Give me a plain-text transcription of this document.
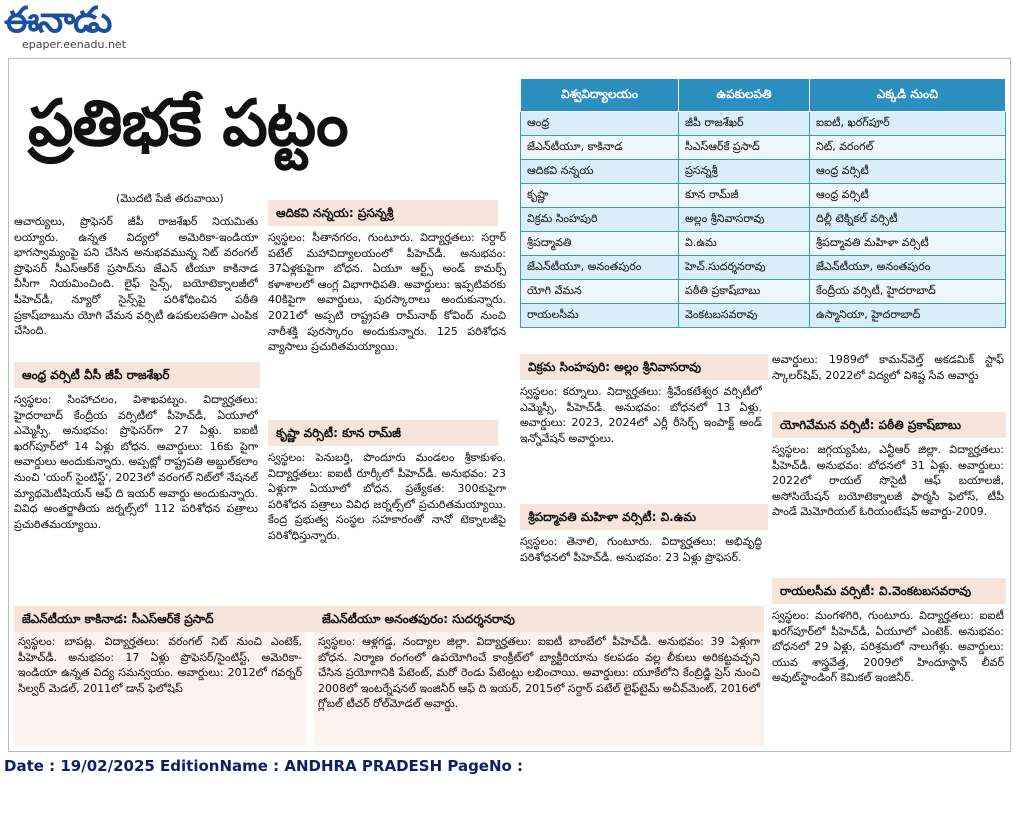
ఈనాడు
epaper.eenadu.net
ప్రతిభకే పట్టం
(మొదటి పేజీ తరువాయి)

ఆచార్యులు, ప్రొఫెసర్ జీపీ రాజశేఖర్ నియమితు లయ్యారు. ఉన్నత విద్యలో అమెరికా-ఇండియా భాగస్వామ్యంపై పని చేసిన అనుభవమున్న నిట్ వరంగల్ ప్రొఫెసర్ సీఎస్ఆర్‌కే ప్రసాద్‌ను జేఎన్ టీయూ కాకినాడ వీసీగా నియమించింది. లైఫ్ సైన్స్, బయోటెక్నాలజీలో పీహెచ్‌డీ, న్యూరో సైన్స్‌పై పరిశోధించిన పఠీతి ప్రకాష్‌బాబును యోగి వేమన వర్సిటీ ఉపకులపతిగా ఎంపిక చేసింది.

ఆంధ్ర వర్సిటీ వీసీ జీపీ రాజశేఖర్

స్వస్థలం: సింహాచలం, విశాఖపట్నం. విద్యార్హతలు: హైదరాబాద్ కేంద్రీయ వర్సిటీలో పీహెచ్‌డీ, ఏయూలో ఎమ్మెస్సీ. అనుభవం: ప్రొఫెసర్‌గా 27 ఏళ్లు. ఐఐటీ ఖరగ్‌పూర్‌లో 14 ఏళ్లు బోధన. అవార్డులు: 16కు పైగా అవార్డులు అందుకున్నారు. అప్పట్లో రాష్ట్రపతి అబ్దుల్‌కలాం నుంచి 'యంగ్ సైంటిస్ట్', 2023లో వరంగల్ నిట్‌లో నేషనల్ మ్యాథమెటీషియన్ ఆఫ్ ది ఇయర్ అవార్డు అందుకున్నారు. వివిధ అంతర్జాతీయ జర్నల్స్‌లో 112 పరిశోధన పత్రాలు ప్రచురితమయ్యాయి.

ఆదికవి నన్నయ: ప్రసన్నశ్రీ

స్వస్థలం: సీతానగరం, గుంటూరు. విద్యార్హతలు: సర్దార్ పటేల్ మహావిద్యాలయంలో పీహెచ్‌డీ. అనుభవం: 37ఏళ్లకుపైగా బోధన. ఏయూ ఆర్ట్స్ అండ్ కామర్స్ కళాశాలలో ఆంగ్ల విభాగాధిపతి. అవార్డులు: ఇప్పటివరకు 40కిపైగా అవార్డులు, పురస్కారాలు అందుకున్నారు. 2021లో అప్పటి రాష్ట్రపతి రామ్‌నాథ్ కోవింద్ నుంచి నారీశక్తి పురస్కారం అందుకున్నారు. 125 పరిశోధన వ్యాసాలు ప్రచురితమయ్యాయి.

కృష్ణా వర్సిటీ: కూన రామ్‌జీ

స్వస్థలం: పెనుబర్తి, పొందూరు మండలం శ్రీకాకుళం. విద్యార్హతలు: ఐఐటీ రూర్కీలో పీహెచ్‌డీ. అనుభవం: 23 ఏళ్లుగా ఏయూలో బోధన. ప్రత్యేకత: 300కుపైగా పరిశోధన పత్రాలు వివిధ జర్నల్స్‌లో ప్రచురితమయ్యాయి. కేంద్ర ప్రభుత్వ సంస్థల సహకారంతో నానో టెక్నాలజీపై పరిశోధిస్తున్నారు.

విశ్వవిద్యాలయం	ఉపకులపతి	ఎక్కడి నుంచి
ఆంధ్ర	జీపీ రాజశేఖర్	ఐఐటీ, ఖరగ్‌పూర్
జేఎన్‌టీయూ, కాకినాడ	సీఎస్ఆర్‌కే ప్రసాద్	నిట్, వరంగల్
ఆదికవి నన్నయ	ప్రసన్నశ్రీ	ఆంధ్ర వర్సిటీ
కృష్ణా	కూన రామ్‌జీ	ఆంధ్ర వర్సిటీ
విక్రమ సింహపురి	అల్లం శ్రీనివాసరావు	దిల్లీ టెక్నికల్ వర్సిటీ
శ్రీపద్మావతి	వి.ఉమ	శ్రీపద్మావతి మహిళా వర్సిటీ
జేఎన్‌టీయూ, అనంతపురం	హెచ్.సుదర్శనరావు	జేఎన్‌టీయూ, అనంతపురం
యోగి వేమన	పఠీతి ప్రకాష్‌బాబు	కేంద్రీయ వర్సిటీ, హైదరాబాద్
రాయలసీమ	వెంకటబసవరావు	ఉస్మానియా, హైదరాబాద్
విక్రమ సింహపురి: అల్లం శ్రీనివాసరావు

స్వస్థలం: కర్నూలు. విద్యార్హతలు: శ్రీవేంకటేశ్వర వర్సిటీలో ఎమ్మెస్సీ, పీహెచ్‌డీ. అనుభవం: బోధనలో 13 ఏళ్లు. అవార్డులు: 2023, 2024లో ఎర్లీ రీసెర్చ్ ఇంపాక్ట్ అండ్ ఇన్నోవేషన్ అవార్డులు.

శ్రీపద్మావతి మహిళా వర్సిటీ: వి.ఉమ

స్వస్థలం: తెనాలి, గుంటూరు. విద్యార్హతలు: అభివృద్ధి పరిశోధనలో పీహెచ్‌డీ. అనుభవం: 23 ఏళ్లు ప్రొఫెసర్.

అవార్డులు: 1989లో కామన్‌వెల్త్ అకడమిక్ స్టాఫ్ స్కాలర్‌షిప్, 2022లో విద్యలో విశిష్ట సేవ అవార్డు

యోగివేమన వర్సిటీ: పఠీతి ప్రకాష్‌బాబు

స్వస్థలం: జగ్గయ్యపేట, ఎన్టీఆర్ జిల్లా. విద్యార్హతలు: పీహెచ్‌డీ. అనుభవం: బోధనలో 31 ఏళ్లు. అవార్డులు: 2022లో రాయల్ సొసైటీ ఆఫ్ బయాలజీ, అసోసియేషన్ బయోటెక్నాలజీ ఫార్మసీ ఫెలోస్, టీపీ పాండే మెమోరియల్ ఓరియంటేషన్ అవార్డు-2009.

రాయలసీమ వర్సిటీ: వి.వెంకటబసవరావు

స్వస్థలం: మంగళగిరి, గుంటూరు. విద్యార్హతలు: ఐఐటీ ఖరగ్‌పూర్‌లో పీహెచ్‌డీ, ఏయూలో ఎంటెక్. అనుభవం: బోధనలో 29 ఏళ్లు, పరిశ్రమలో నాలుగేళ్లు. అవార్డులు: యువ శాస్త్రవేత్త, 2009లో హిందూస్థాన్ లీవర్ అవుట్‌స్టాండింగ్ కెమికల్ ఇంజినీర్.

జేఎన్‌టీయూ కాకినాడ: సీఎస్ఆర్‌కే ప్రసాద్

స్వస్థలం: బాపట్ల. విద్యార్హతలు: వరంగల్ నిట్ నుంచి ఎంటెక్, పీహెచ్‌డీ. అనుభవం: 17 ఏళ్లు ప్రొఫెసర్/సైంటిస్ట్‌, అమెరికా-ఇండియా ఉన్నత విద్య సమన్వయం. అవార్డులు: 2012లో గవర్నర్ సిల్వర్ మెడల్, 2011లో డాన్ ఫెలోషిప్

జేఎన్‌టీయూ అనంతపురం: సుదర్శనరావు

స్వస్థలం: ఆళ్లగడ్డ, నంద్యాల జిల్లా. విద్యార్హతలు: ఐఐటీ బాంబేలో పీహెచ్‌డీ. అనుభవం: 39 ఏళ్లుగా బోధన. నిర్మాణ రంగంలో ఉపయోగించే కాంక్రీట్‌లో బ్యాక్టీరియాను కలపడం వల్ల లీకులు అరికట్టవచ్చని చేసిన ప్రయోగానికి పేటెంట్, మరో రెండు పేటెంట్లు లభించాయి. అవార్డులు: యూకేలోని కేంబ్రిడ్జి ప్రెస్ నుంచి 2008లో ఇంటర్నేషనల్ ఇంజినీర్ ఆఫ్ ది ఇయర్, 2015లో సర్దార్ పటేల్ లైఫ్‌టైమ్ అచీవ్‌మెంట్, 2016లో గ్లోబల్ టీచర్ రోల్‌మోడల్ అవార్డు.

Date : 19/02/2025 EditionName : ANDHRA PRADESH PageNo :
